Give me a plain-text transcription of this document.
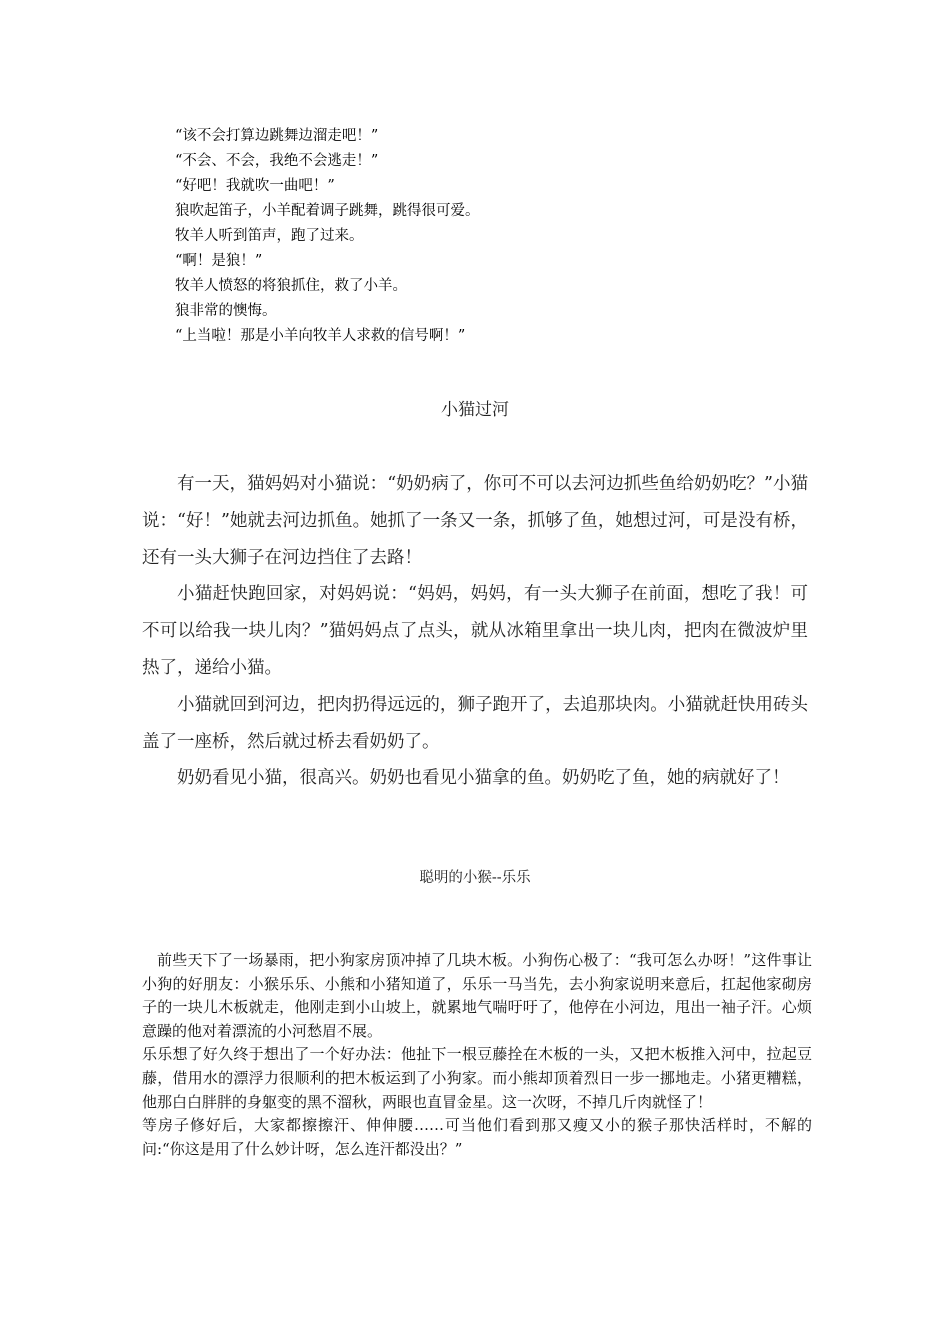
“该不会打算边跳舞边溜走吧！”
“不会、不会，我绝不会逃走！”
“好吧！我就吹一曲吧！”
狼吹起笛子，小羊配着调子跳舞，跳得很可爱。
牧羊人听到笛声，跑了过来。
“啊！是狼！”
牧羊人愤怒的将狼抓住，救了小羊。
狼非常的懊悔。
“上当啦！那是小羊向牧羊人求救的信号啊！”
小猫过河

有一天，猫妈妈对小猫说：“奶奶病了，你可不可以去河边抓些鱼给奶奶吃？”小猫说：“好！”她就去河边抓鱼。她抓了一条又一条，抓够了鱼，她想过河，可是没有桥，还有一头大狮子在河边挡住了去路！

小猫赶快跑回家，对妈妈说：“妈妈，妈妈，有一头大狮子在前面，想吃了我！可不可以给我一块儿肉？”猫妈妈点了点头，就从冰箱里拿出一块儿肉，把肉在微波炉里热了，递给小猫。

小猫就回到河边，把肉扔得远远的，狮子跑开了，去追那块肉。小猫就赶快用砖头盖了一座桥，然后就过桥去看奶奶了。

奶奶看见小猫，很高兴。奶奶也看见小猫拿的鱼。奶奶吃了鱼，她的病就好了！

聪明的小猴--乐乐

前些天下了一场暴雨，把小狗家房顶冲掉了几块木板。小狗伤心极了：“我可怎么办呀！”这件事让小狗的好朋友：小猴乐乐、小熊和小猪知道了，乐乐一马当先，去小狗家说明来意后，扛起他家砌房子的一块儿木板就走，他刚走到小山坡上，就累地气喘吁吁了，他停在小河边，甩出一袖子汗。心烦意躁的他对着漂流的小河愁眉不展。

乐乐想了好久终于想出了一个好办法：他扯下一根豆藤拴在木板的一头，又把木板推入河中，拉起豆藤，借用水的漂浮力很顺利的把木板运到了小狗家。而小熊却顶着烈日一步一挪地走。小猪更糟糕，他那白白胖胖的身躯变的黑不溜秋，两眼也直冒金星。这一次呀，不掉几斤肉就怪了！

等房子修好后，大家都擦擦汗、伸伸腰……可当他们看到那又瘦又小的猴子那快活样时，不解的问:“你这是用了什么妙计呀，怎么连汗都没出？”
